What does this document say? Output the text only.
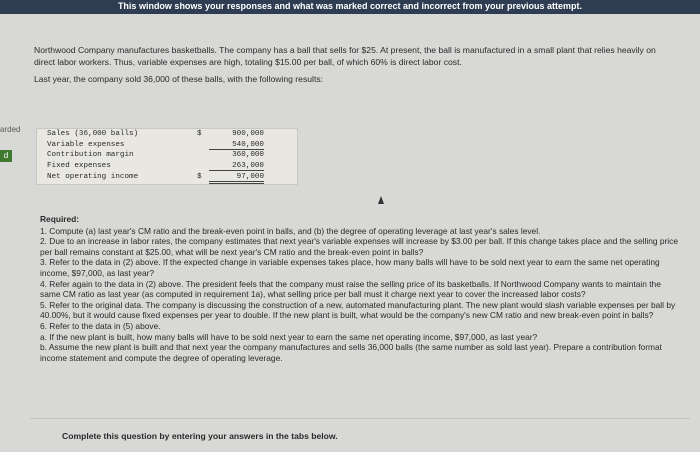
This window shows your responses and what was marked correct and incorrect from your previous attempt.
arded
d

Northwood Company manufactures basketballs. The company has a ball that sells for $25. At present, the ball is manufactured in a small plant that relies heavily on direct labor workers. Thus, variable expenses are high, totaling $15.00 per ball, of which 60% is direct labor cost.

Last year, the company sold 36,000 of these balls, with the following results:

Sales (36,000 balls)	$	900,000
Variable expenses	540,000
Contribution margin	360,000
Fixed expenses	263,000
Net operating income	$	97,000
Required:

1. Compute (a) last year's CM ratio and the break-even point in balls, and (b) the degree of operating leverage at last year's sales level.

2. Due to an increase in labor rates, the company estimates that next year's variable expenses will increase by $3.00 per ball. If this change takes place and the selling price per ball remains constant at $25.00, what will be next year's CM ratio and the break-even point in balls?

3. Refer to the data in (2) above. If the expected change in variable expenses takes place, how many balls will have to be sold next year to earn the same net operating income, $97,000, as last year?

4. Refer again to the data in (2) above. The president feels that the company must raise the selling price of its basketballs. If Northwood Company wants to maintain the same CM ratio as last year (as computed in requirement 1a), what selling price per ball must it charge next year to cover the increased labor costs?

5. Refer to the original data. The company is discussing the construction of a new, automated manufacturing plant. The new plant would slash variable expenses per ball by 40.00%, but it would cause fixed expenses per year to double. If the new plant is built, what would be the company's new CM ratio and new break-even point in balls?

6. Refer to the data in (5) above.

a. If the new plant is built, how many balls will have to be sold next year to earn the same net operating income, $97,000, as last year?

b. Assume the new plant is built and that next year the company manufactures and sells 36,000 balls (the same number as sold last year). Prepare a contribution format income statement and compute the degree of operating leverage.

Complete this question by entering your answers in the tabs below.
